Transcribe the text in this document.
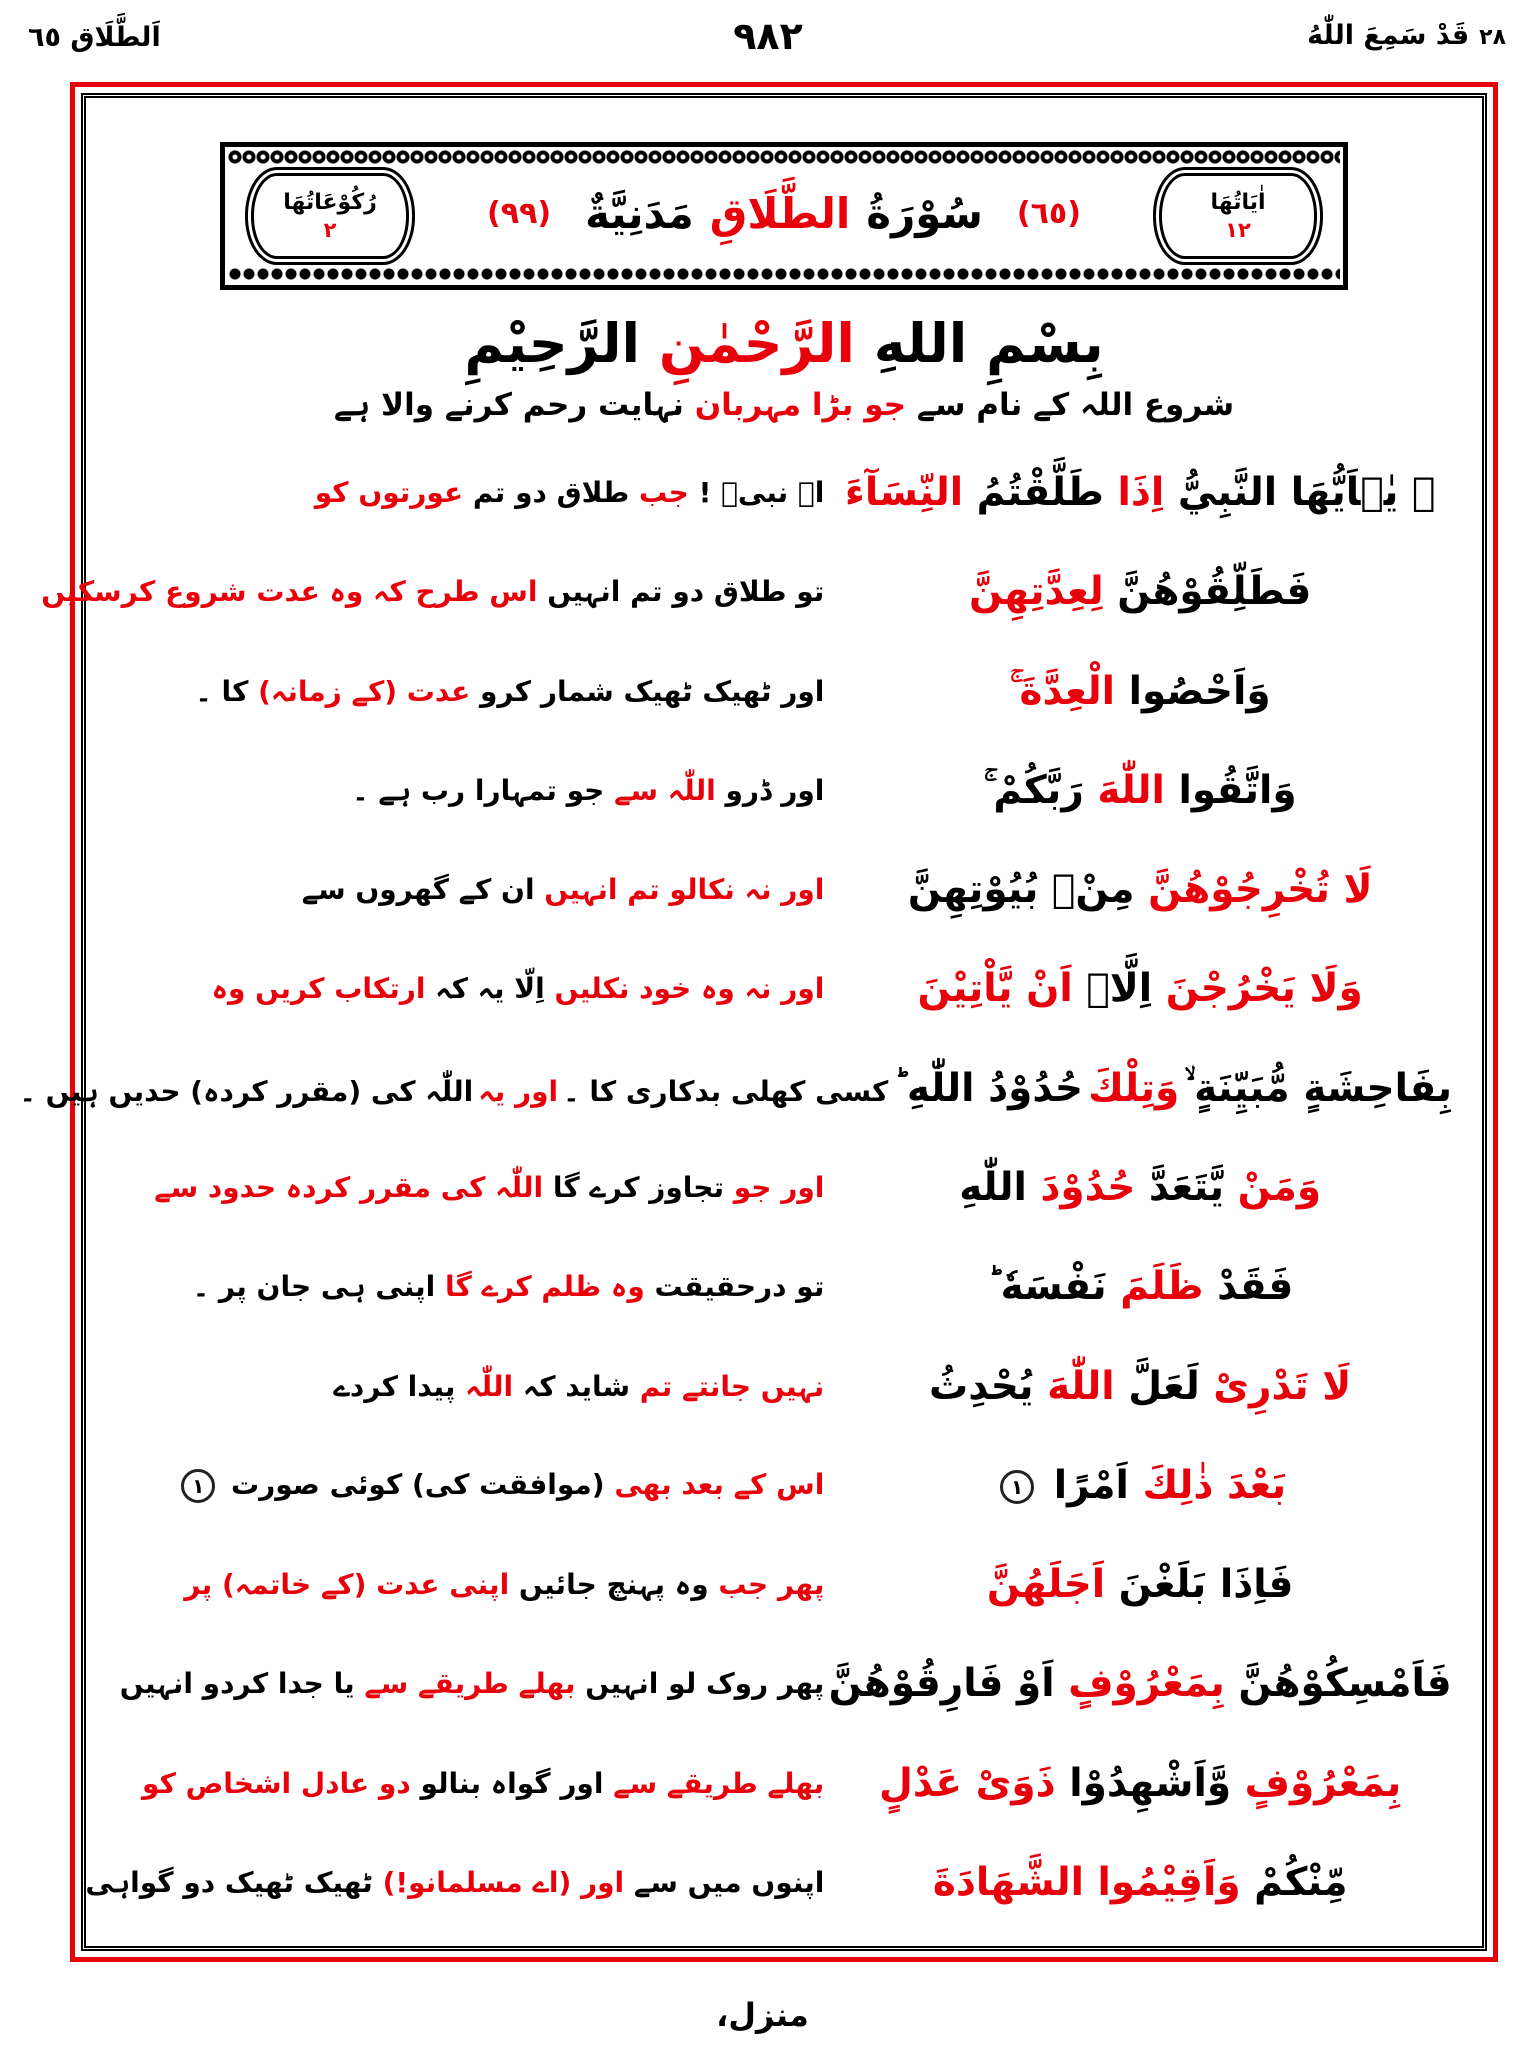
اَلطَّلَاق ٦٥	٩٨٢	قَدْ سَمِعَ اللّٰهُ ٢٨
رُکُوْعَاتُهَا
٢	(٦٥)
سُوْرَةُ
الطَّلَاقِ
مَدَنِيَّةٌ
(٩٩)	اٰیَاتُهَا
١٢
بِسْمِ اللهِ الرَّحْمٰنِ الرَّحِيْمِ
شروع اللہ کے نام سے جو بڑا مہربان نہایت رحم کرنے والا ہے
۞ يٰۤاَيُّهَا النَّبِيُّ اِذَا طَلَّقْتُمُ النِّسَآءَ
اے نبیؐ ! جب طلاق دو تم عورتوں کو
فَطَلِّقُوْهُنَّ لِعِدَّتِهِنَّ
تو طلاق دو تم انہیں اس طرح کہ وہ عدت شروع کرسکیں
وَاَحْصُوا الْعِدَّةَ ۚ
اور ٹھیک ٹھیک شمار کرو عدت (کے زمانہ) کا ۔
وَاتَّقُوا اللّٰهَ رَبَّكُمْ ۚ
اور ڈرو اللّٰہ سے جو تمہارا رب ہے ۔
لَا تُخْرِجُوْهُنَّ مِنْۢ بُيُوْتِهِنَّ
اور نہ نکالو تم انہیں ان کے گھروں سے
وَلَا يَخْرُجْنَ اِلَّاۤ اَنْ يَّاْتِيْنَ
اور نہ وہ خود نکلیں اِلّا یہ کہ ارتکاب کریں وہ
بِفَاحِشَةٍ مُّبَيِّنَةٍ ۙ وَتِلْكَ حُدُوْدُ اللّٰهِ ؕ کسی کھلی بدکاری کا ۔ اور یہ اللّٰہ کی (مقرر کردہ) حدیں ہیں ۔
وَمَنْ يَّتَعَدَّ حُدُوْدَ اللّٰهِ
اور جو تجاوز کرے گا اللّٰہ کی مقرر کردہ حدود سے
فَقَدْ ظَلَمَ نَفْسَهٗ ؕ
تو درحقیقت وہ ظلم کرے گا اپنی ہی جان پر ۔
لَا تَدْرِیْ لَعَلَّ اللّٰهَ يُحْدِثُ
نہیں جانتے تم شاید کہ اللّٰہ پیدا کردے
بَعْدَ ذٰلِكَ اَمْرًا ۱
اس کے بعد بھی (موافقت کی) کوئی صورت ۱
فَاِذَا بَلَغْنَ اَجَلَهُنَّ
پھر جب وہ پہنچ جائیں اپنی عدت (کے خاتمہ) پر
فَاَمْسِكُوْهُنَّ بِمَعْرُوْفٍ اَوْ فَارِقُوْهُنَّ
پھر روک لو انہیں بھلے طریقے سے یا جدا کردو انہیں
بِمَعْرُوْفٍ وَّاَشْهِدُوْا ذَوَیْ عَدْلٍ
بھلے طریقے سے اور گواہ بنالو دو عادل اشخاص کو
مِّنْكُمْ وَاَقِيْمُوا الشَّهَادَةَ
اپنوں میں سے اور (اے مسلمانو!) ٹھیک ٹھیک دو گواہی
منزل،
